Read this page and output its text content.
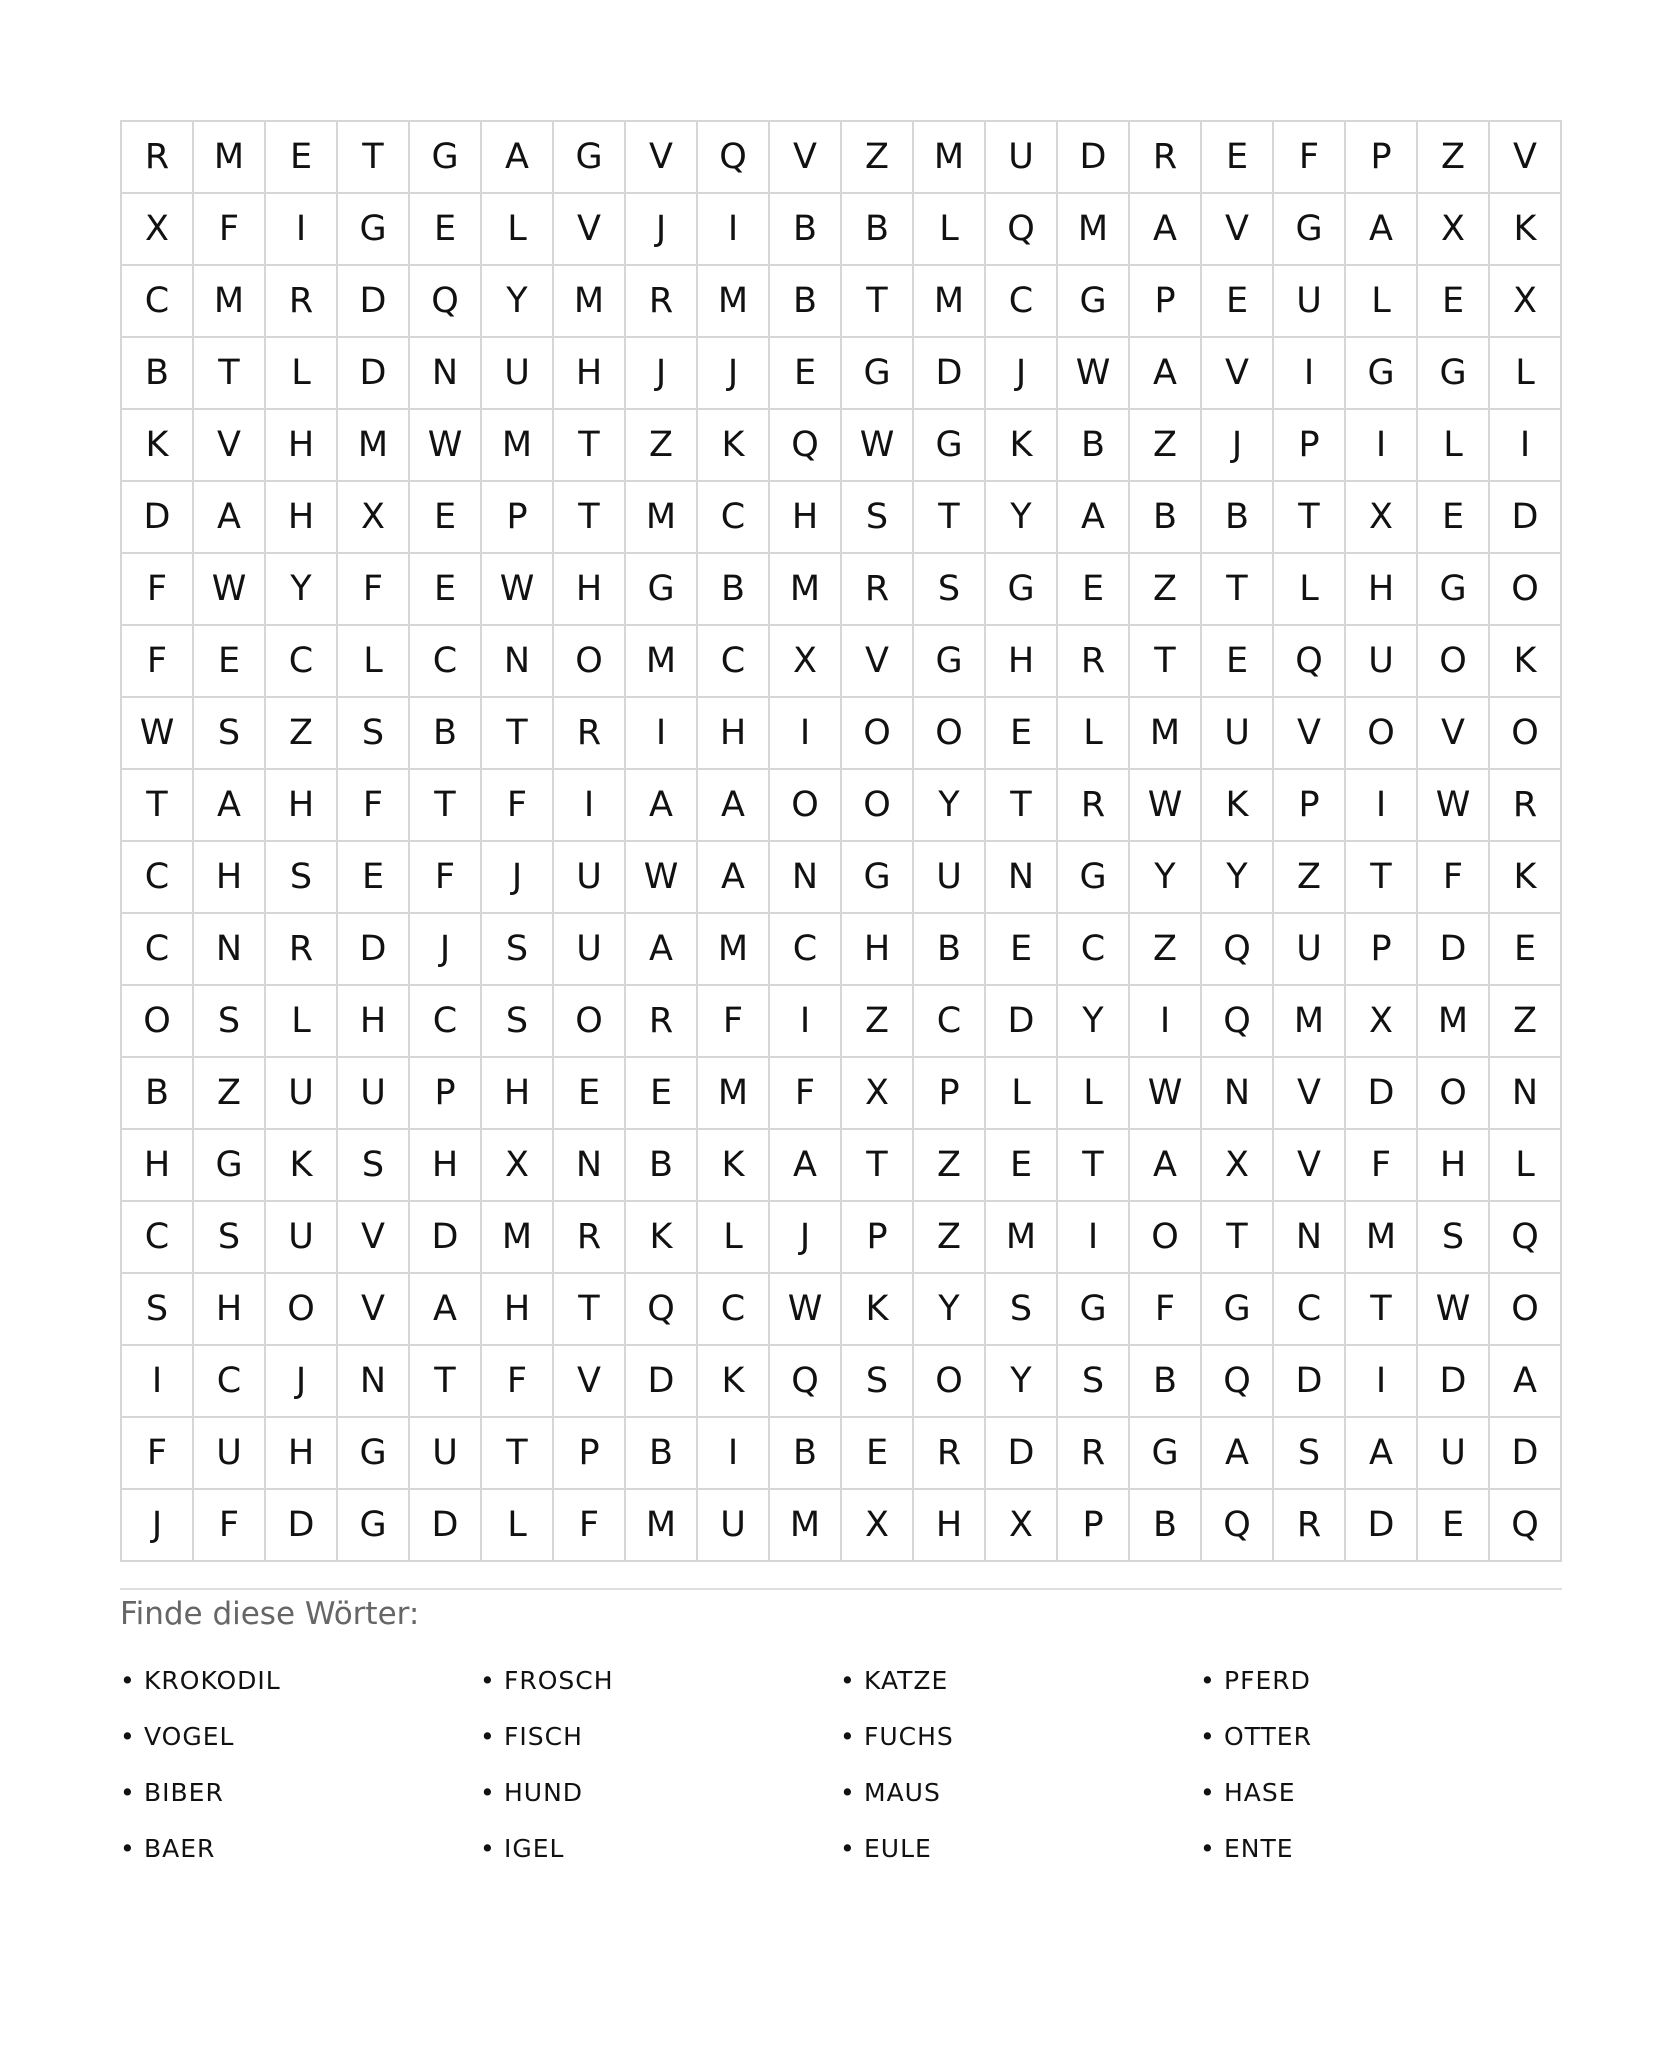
R	M	E	T	G	A	G	V	Q	V	Z	M	U	D	R	E	F	P	Z	V
X	F	I	G	E	L	V	J	I	B	B	L	Q	M	A	V	G	A	X	K
C	M	R	D	Q	Y	M	R	M	B	T	M	C	G	P	E	U	L	E	X
B	T	L	D	N	U	H	J	J	E	G	D	J	W	A	V	I	G	G	L
K	V	H	M	W	M	T	Z	K	Q	W	G	K	B	Z	J	P	I	L	I
D	A	H	X	E	P	T	M	C	H	S	T	Y	A	B	B	T	X	E	D
F	W	Y	F	E	W	H	G	B	M	R	S	G	E	Z	T	L	H	G	O
F	E	C	L	C	N	O	M	C	X	V	G	H	R	T	E	Q	U	O	K
W	S	Z	S	B	T	R	I	H	I	O	O	E	L	M	U	V	O	V	O
T	A	H	F	T	F	I	A	A	O	O	Y	T	R	W	K	P	I	W	R
C	H	S	E	F	J	U	W	A	N	G	U	N	G	Y	Y	Z	T	F	K
C	N	R	D	J	S	U	A	M	C	H	B	E	C	Z	Q	U	P	D	E
O	S	L	H	C	S	O	R	F	I	Z	C	D	Y	I	Q	M	X	M	Z
B	Z	U	U	P	H	E	E	M	F	X	P	L	L	W	N	V	D	O	N
H	G	K	S	H	X	N	B	K	A	T	Z	E	T	A	X	V	F	H	L
C	S	U	V	D	M	R	K	L	J	P	Z	M	I	O	T	N	M	S	Q
S	H	O	V	A	H	T	Q	C	W	K	Y	S	G	F	G	C	T	W	O
I	C	J	N	T	F	V	D	K	Q	S	O	Y	S	B	Q	D	I	D	A
F	U	H	G	U	T	P	B	I	B	E	R	D	R	G	A	S	A	U	D
J	F	D	G	D	L	F	M	U	M	X	H	X	P	B	Q	R	D	E	Q
Finde diese Wörter:
• KROKODIL	• FROSCH	• KATZE	• PFERD
• VOGEL	• FISCH	• FUCHS	• OTTER
• BIBER	• HUND	• MAUS	• HASE
• BAER	• IGEL	• EULE	• ENTE
